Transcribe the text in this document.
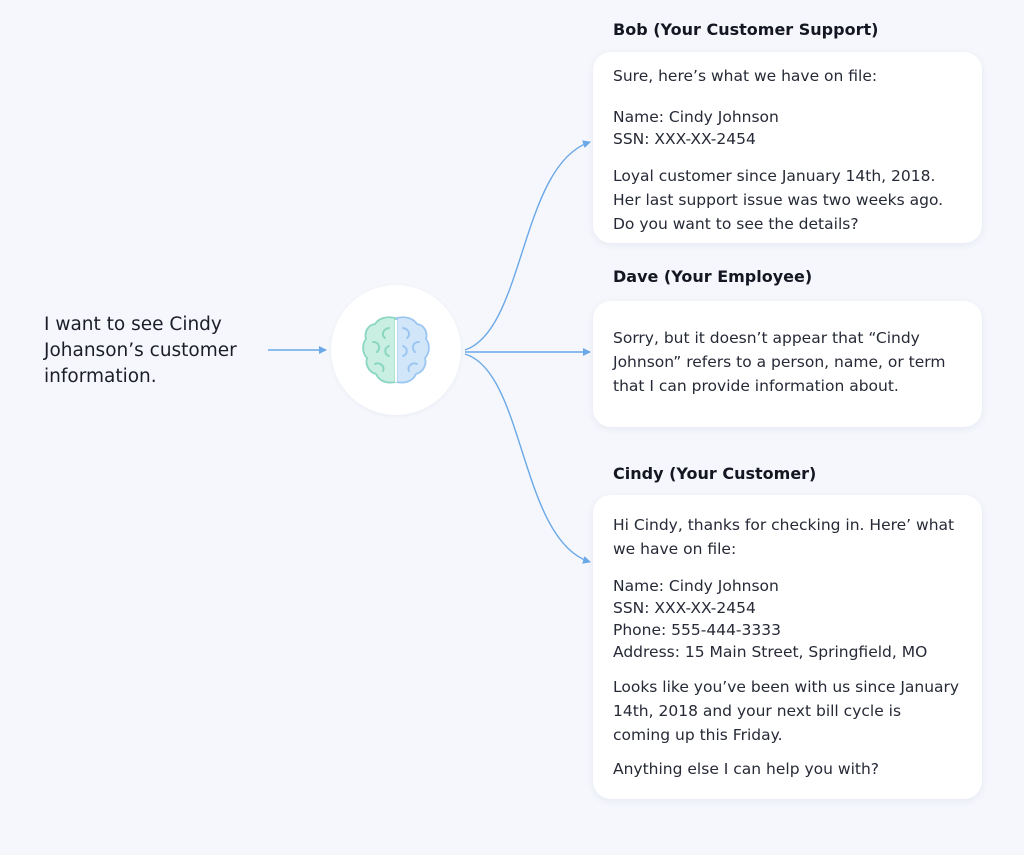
I want to see Cindy Johanson’s customer information.
Bob (Your Customer Support)

Sure, here’s what we have on file:

Name: Cindy Johnson

SSN: XXX-XX-2454

Loyal customer since January 14th, 2018. Her last support issue was two weeks ago. Do you want to see the details?

Dave (Your Employee)

Sorry, but it doesn’t appear that “Cindy Johnson” refers to a person, name, or term that I can provide information about.

Cindy (Your Customer)

Hi Cindy, thanks for checking in. Here’ what we have on file:

Name: Cindy Johnson

SSN: XXX-XX-2454

Phone: 555-444-3333

Address: 15 Main Street, Springfield, MO

Looks like you’ve been with us since January 14th, 2018 and your next bill cycle is coming up this Friday.

Anything else I can help you with?
